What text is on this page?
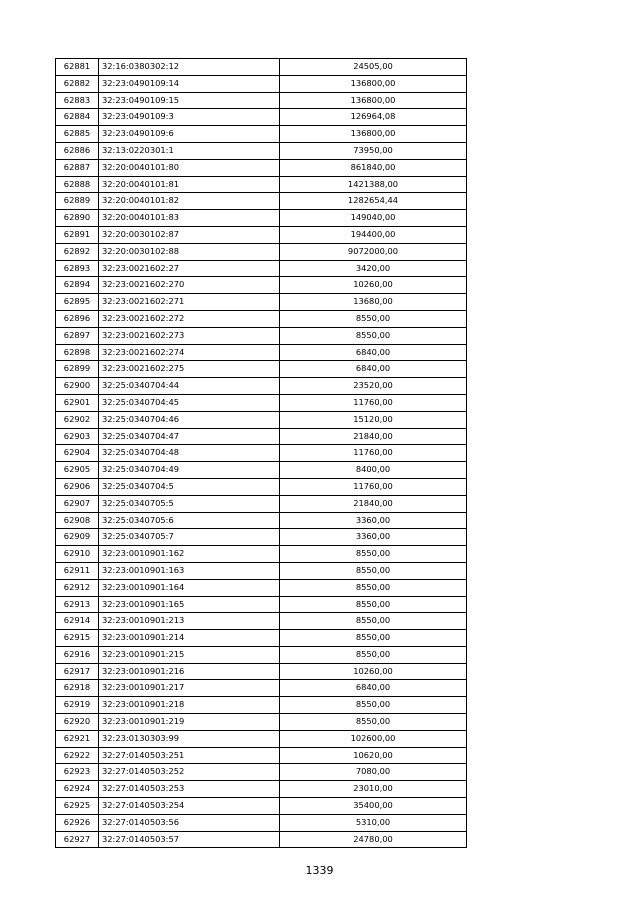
62881	32:16:0380302:12	24505,00
62882	32:23:0490109:14	136800,00
62883	32:23:0490109:15	136800,00
62884	32:23:0490109:3	126964,08
62885	32:23:0490109:6	136800,00
62886	32:13:0220301:1	73950,00
62887	32:20:0040101:80	861840,00
62888	32:20:0040101:81	1421388,00
62889	32:20:0040101:82	1282654,44
62890	32:20:0040101:83	149040,00
62891	32:20:0030102:87	194400,00
62892	32:20:0030102:88	9072000,00
62893	32:23:0021602:27	3420,00
62894	32:23:0021602:270	10260,00
62895	32:23:0021602:271	13680,00
62896	32:23:0021602:272	8550,00
62897	32:23:0021602:273	8550,00
62898	32:23:0021602:274	6840,00
62899	32:23:0021602:275	6840,00
62900	32:25:0340704:44	23520,00
62901	32:25:0340704:45	11760,00
62902	32:25:0340704:46	15120,00
62903	32:25:0340704:47	21840,00
62904	32:25:0340704:48	11760,00
62905	32:25:0340704:49	8400,00
62906	32:25:0340704:5	11760,00
62907	32:25:0340705:5	21840,00
62908	32:25:0340705:6	3360,00
62909	32:25:0340705:7	3360,00
62910	32:23:0010901:162	8550,00
62911	32:23:0010901:163	8550,00
62912	32:23:0010901:164	8550,00
62913	32:23:0010901:165	8550,00
62914	32:23:0010901:213	8550,00
62915	32:23:0010901:214	8550,00
62916	32:23:0010901:215	8550,00
62917	32:23:0010901:216	10260,00
62918	32:23:0010901:217	6840,00
62919	32:23:0010901:218	8550,00
62920	32:23:0010901:219	8550,00
62921	32:23:0130303:99	102600,00
62922	32:27:0140503:251	10620,00
62923	32:27:0140503:252	7080,00
62924	32:27:0140503:253	23010,00
62925	32:27:0140503:254	35400,00
62926	32:27:0140503:56	5310,00
62927	32:27:0140503:57	24780,00
1339
